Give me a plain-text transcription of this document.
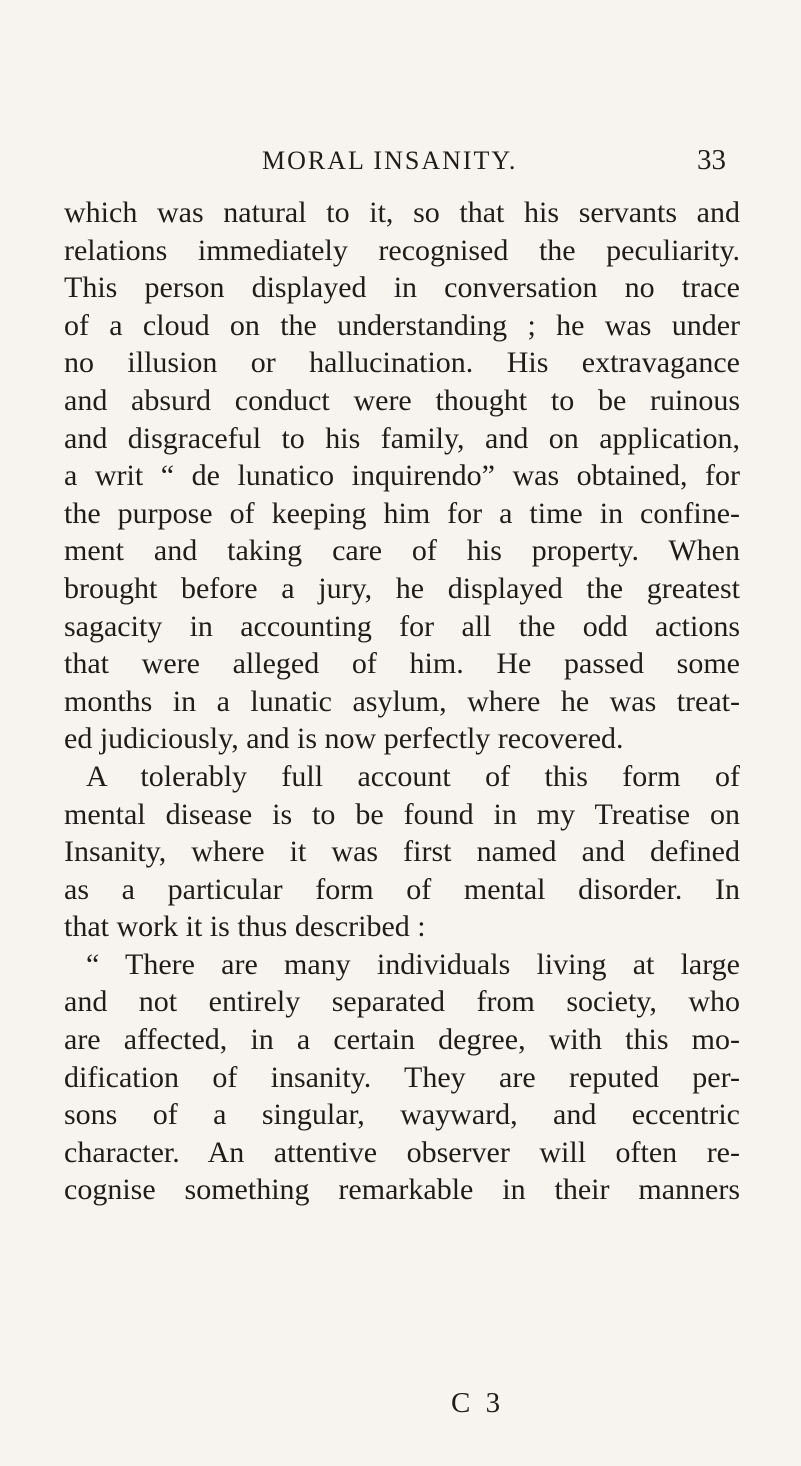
MORAL INSANITY.	33
which was natural to it, so that his servants and
relations immediately recognised the peculiarity.
This person displayed in conversation no trace
of a cloud on the understanding ; he was under
no illusion or hallucination. His extravagance
and absurd conduct were thought to be ruinous
and disgraceful to his family, and on application,
a writ “ de lunatico inquirendo” was obtained, for
the purpose of keeping him for a time in confine-
ment and taking care of his property. When
brought before a jury, he displayed the greatest
sagacity in accounting for all the odd actions
that were alleged of him. He passed some
months in a lunatic asylum, where he was treat-
ed judiciously, and is now perfectly recovered.
A tolerably full account of this form of
mental disease is to be found in my Treatise on
Insanity, where it was first named and defined
as a particular form of mental disorder. In
that work it is thus described :
“ There are many individuals living at large
and not entirely separated from society, who
are affected, in a certain degree, with this mo-
dification of insanity. They are reputed per-
sons of a singular, wayward, and eccentric
character. An attentive observer will often re-
cognise something remarkable in their manners
C 3
